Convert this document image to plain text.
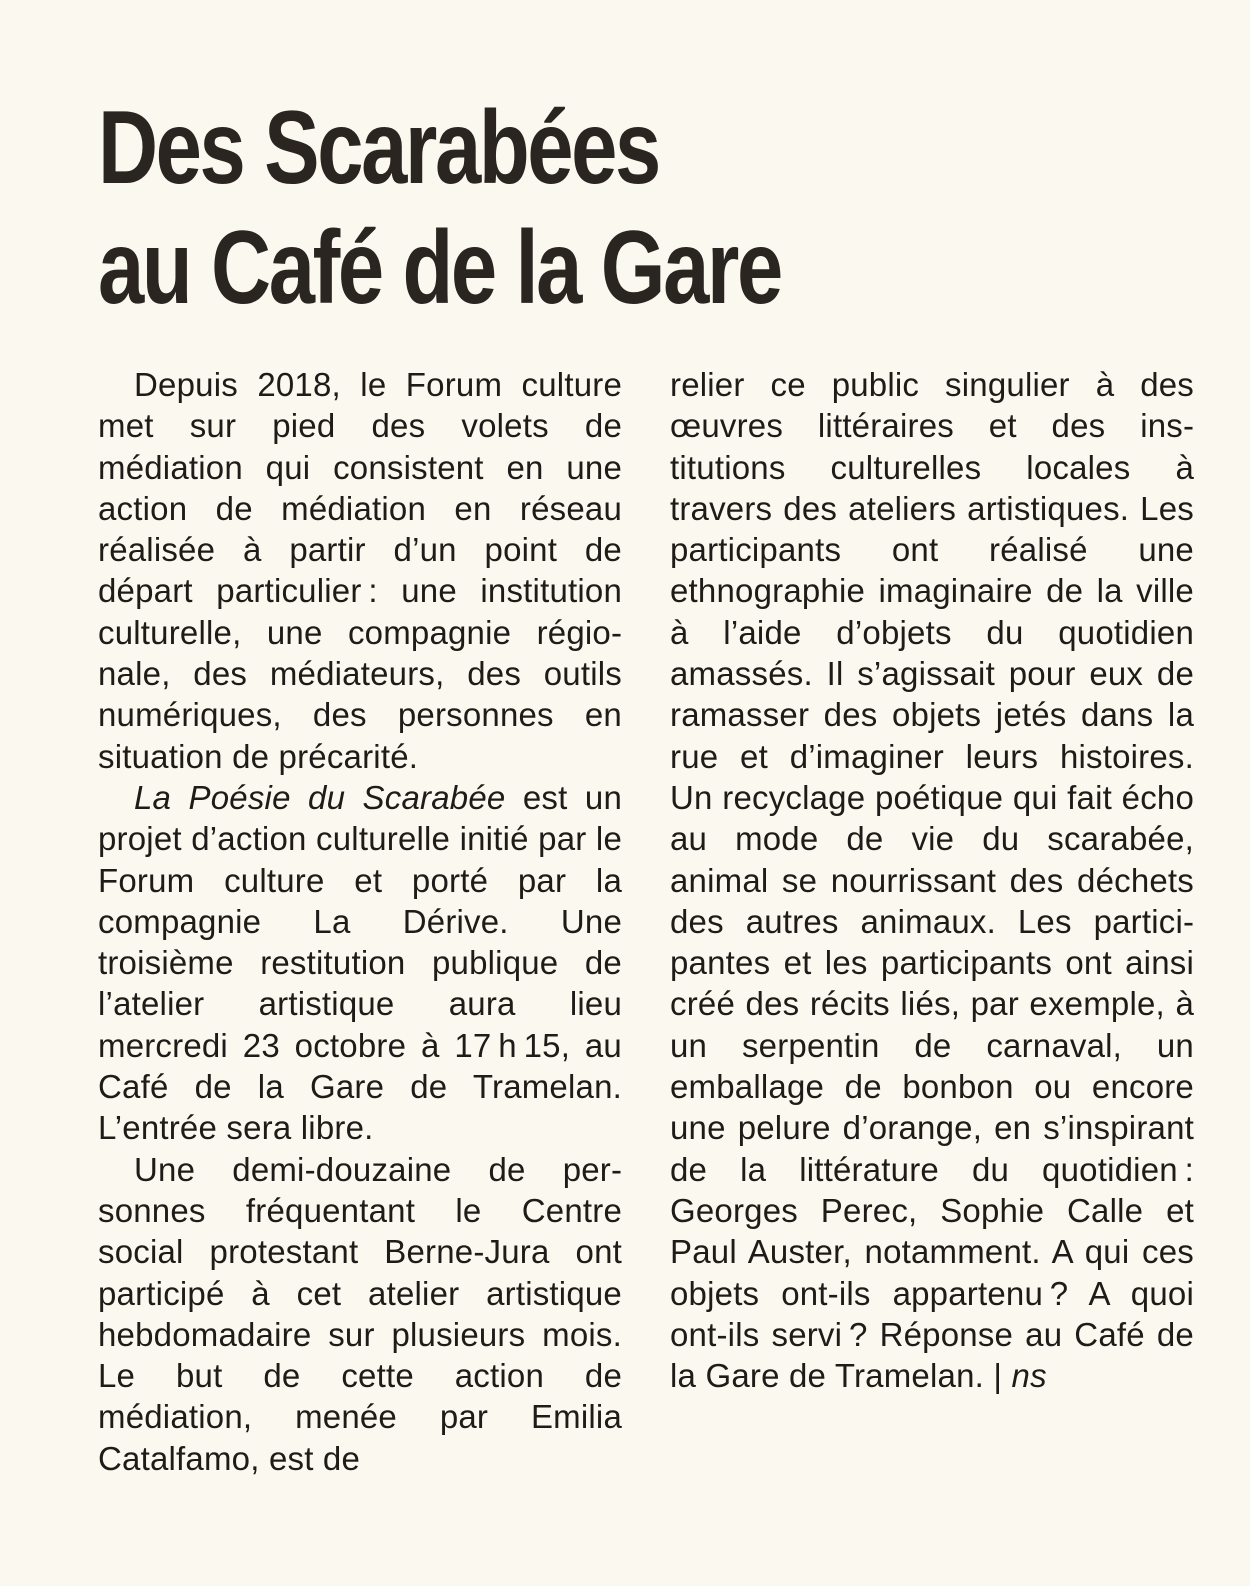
Des Scarabées
au Café de la Gare

Depuis 2018, le Forum culture met sur pied des volets de médiation qui consistent en une action de médiation en réseau réalisée à partir d’un point de départ particulier : une institution culturelle, une compagnie régionale, des médiateurs, des outils numériques, des personnes en situation de précarité.

La Poésie du Scarabée est un projet d’action culturelle initié par le Forum culture et porté par la compagnie La Dérive. Une troisième restitution publique de l’atelier artistique aura lieu mercredi 23 octobre à 17 h 15, au Café de la Gare de Tramelan. L’entrée sera libre.

Une demi-douzaine de personnes fréquentant le Centre social protestant Berne-Jura ont participé à cet atelier artistique hebdomadaire sur plusieurs mois. Le but de cette action de médiation, menée par Emilia Catalfamo, est de

relier ce public singulier à des œuvres littéraires et des institutions culturelles locales à travers des ateliers artistiques. Les participants ont réalisé une ethnographie imaginaire de la ville à l’aide d’objets du quotidien amassés. Il s’agissait pour eux de ramasser des objets jetés dans la rue et d’imaginer leurs histoires. Un recyclage poétique qui fait écho au mode de vie du scarabée, animal se nourrissant des déchets des autres animaux. Les participantes et les participants ont ainsi créé des récits liés, par exemple, à un serpentin de carnaval, un emballage de bonbon ou encore une pelure d’orange, en s’inspirant de la littérature du quotidien : Georges Perec, Sophie Calle et Paul Auster, notamment. A qui ces objets ont-ils appartenu ? A quoi ont-ils servi ? Réponse au Café de la Gare de Tramelan. | ns
